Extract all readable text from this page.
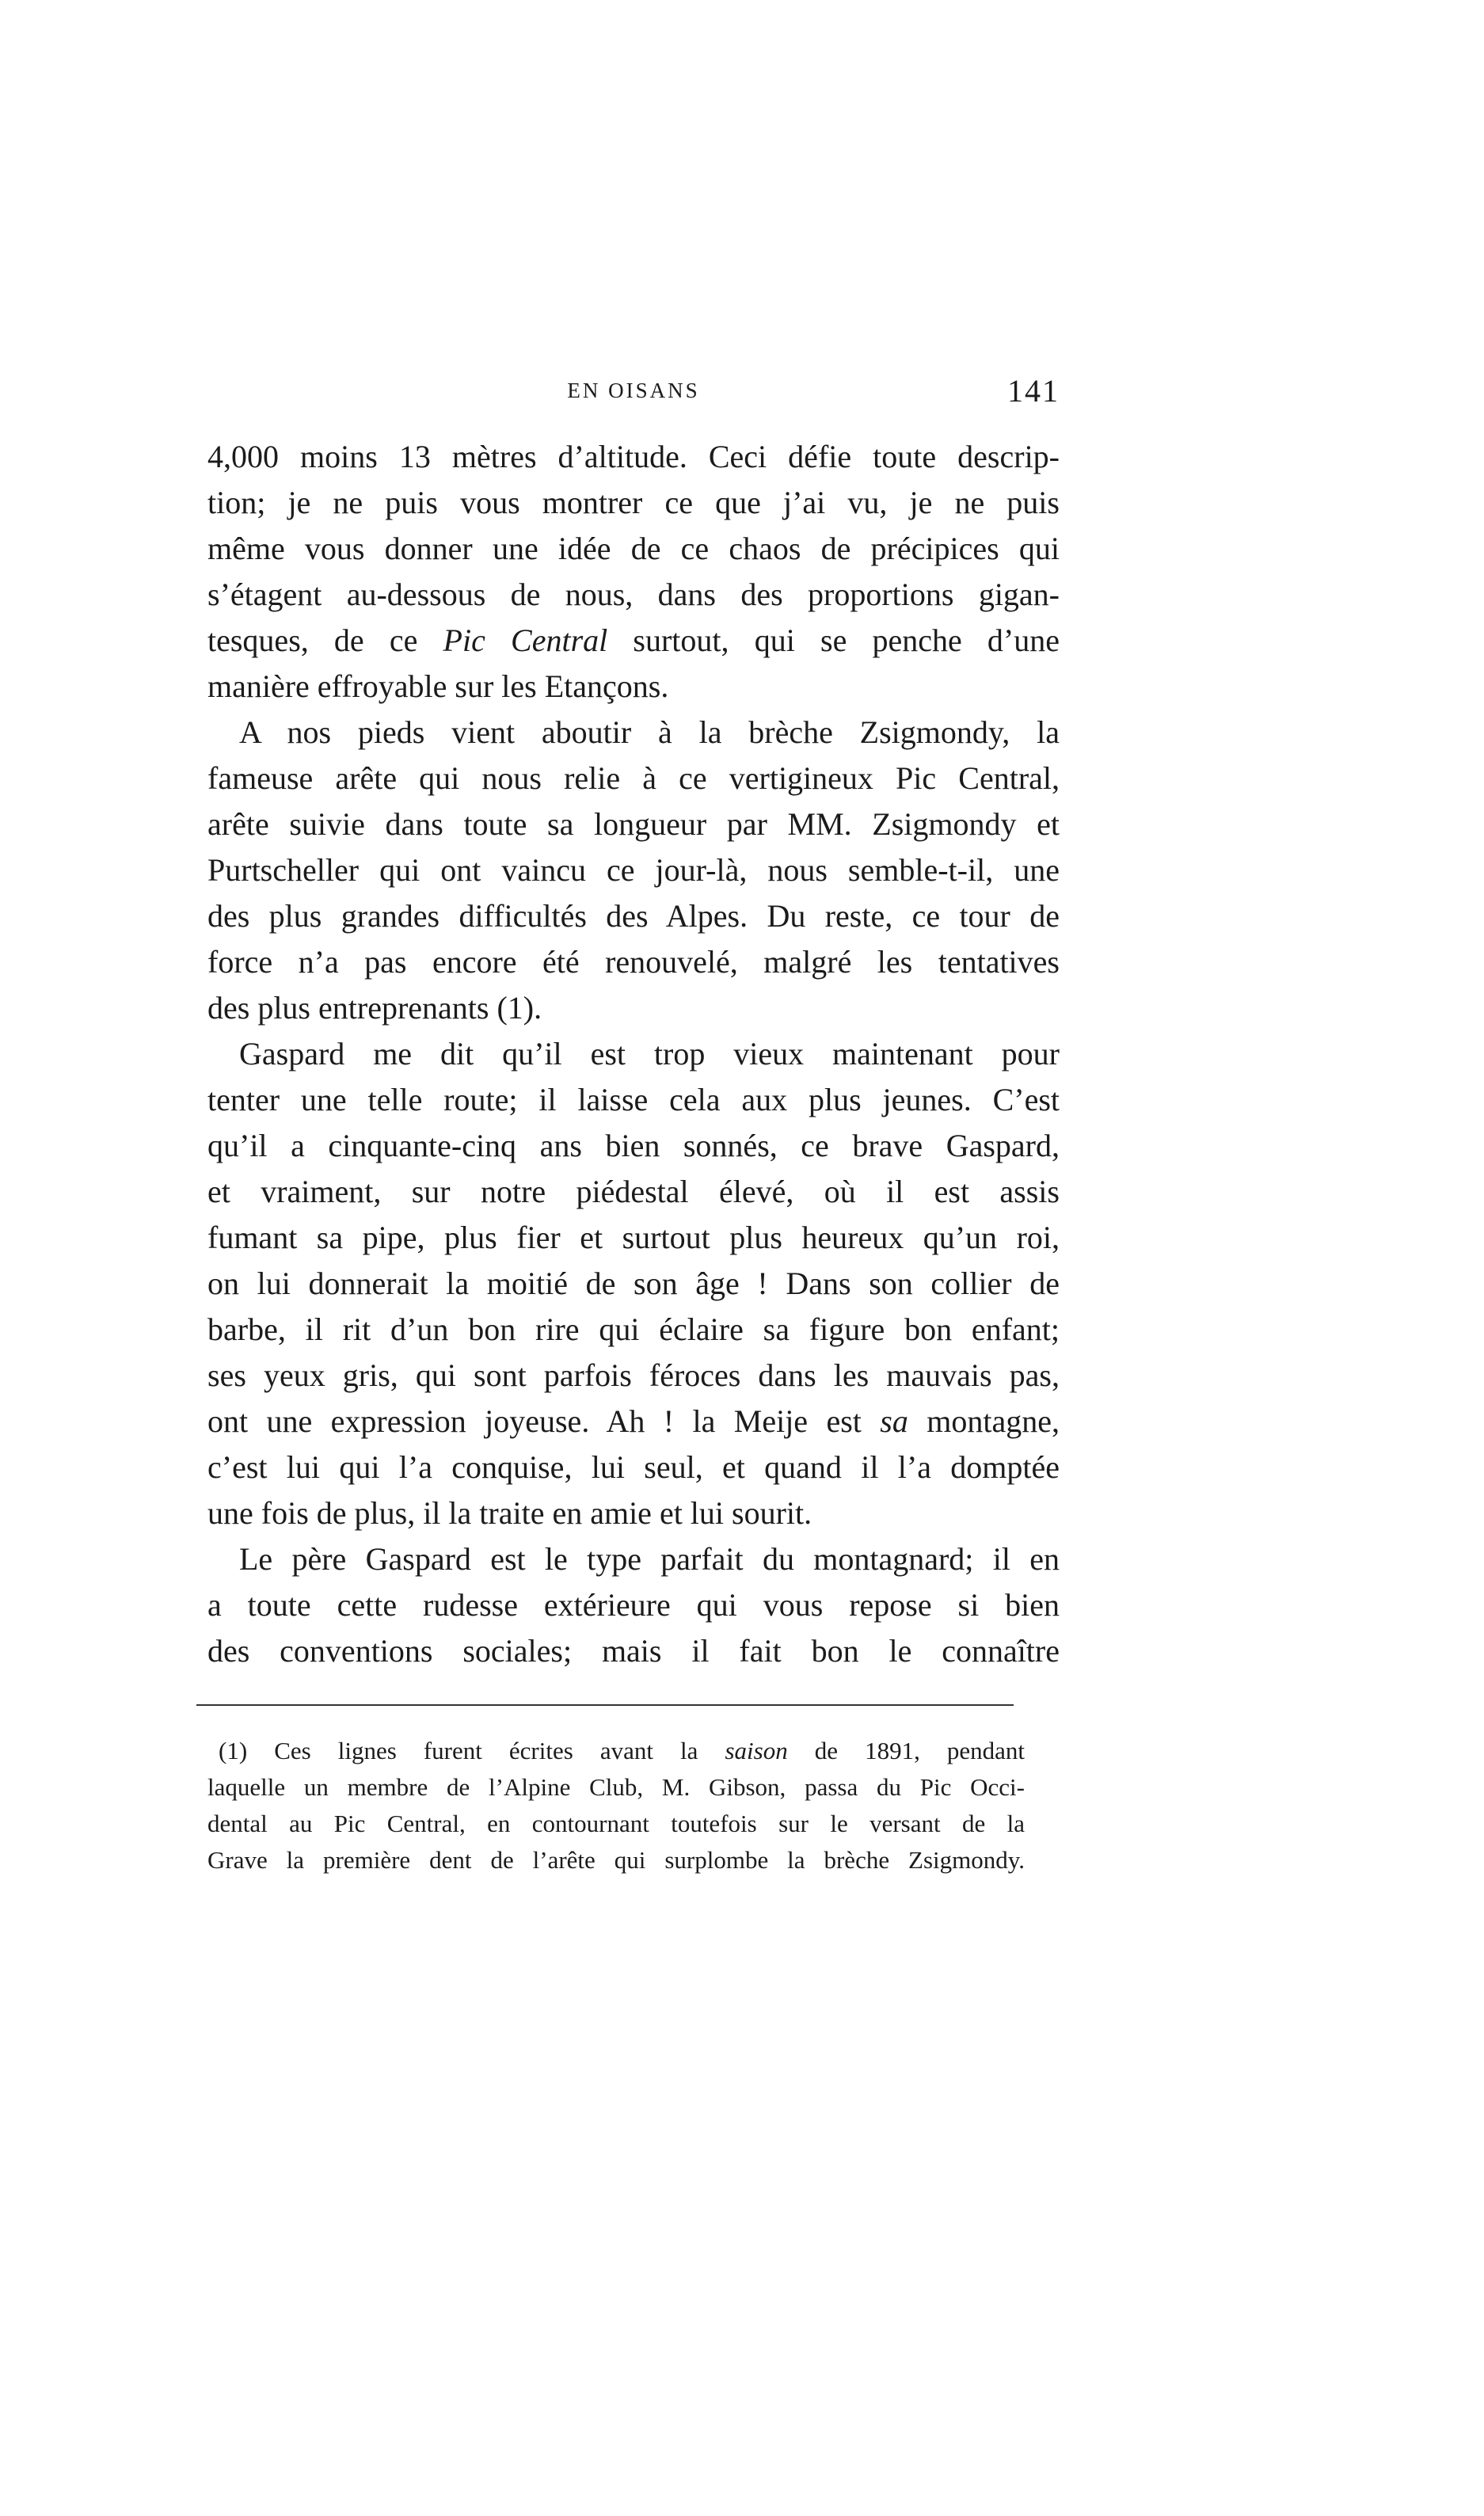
EN OISANS	141
4,000 moins 13 mètres d’altitude. Ceci défie toute descrip-
tion; je ne puis vous montrer ce que j’ai vu, je ne puis
même vous donner une idée de ce chaos de précipices qui
s’étagent au-dessous de nous, dans des proportions gigan-
tesques, de ce Pic Central surtout, qui se penche d’une
manière effroyable sur les Etançons.
A nos pieds vient aboutir à la brèche Zsigmondy, la
fameuse arête qui nous relie à ce vertigineux Pic Central,
arête suivie dans toute sa longueur par MM. Zsigmondy et
Purtscheller qui ont vaincu ce jour-là, nous semble-t-il, une
des plus grandes difficultés des Alpes. Du reste, ce tour de
force n’a pas encore été renouvelé, malgré les tentatives
des plus entreprenants (1).
Gaspard me dit qu’il est trop vieux maintenant pour
tenter une telle route; il laisse cela aux plus jeunes. C’est
qu’il a cinquante-cinq ans bien sonnés, ce brave Gaspard,
et vraiment, sur notre piédestal élevé, où il est assis
fumant sa pipe, plus fier et surtout plus heureux qu’un roi,
on lui donnerait la moitié de son âge ! Dans son collier de
barbe, il rit d’un bon rire qui éclaire sa figure bon enfant;
ses yeux gris, qui sont parfois féroces dans les mauvais pas,
ont une expression joyeuse. Ah ! la Meije est sa montagne,
c’est lui qui l’a conquise, lui seul, et quand il l’a domptée
une fois de plus, il la traite en amie et lui sourit.
Le père Gaspard est le type parfait du montagnard; il en
a toute cette rudesse extérieure qui vous repose si bien
des conventions sociales; mais il fait bon le connaître
(1) Ces lignes furent écrites avant la saison de 1891, pendant
laquelle un membre de l’Alpine Club, M. Gibson, passa du Pic Occi-
dental au Pic Central, en contournant toutefois sur le versant de la
Grave la première dent de l’arête qui surplombe la brèche Zsigmondy.
